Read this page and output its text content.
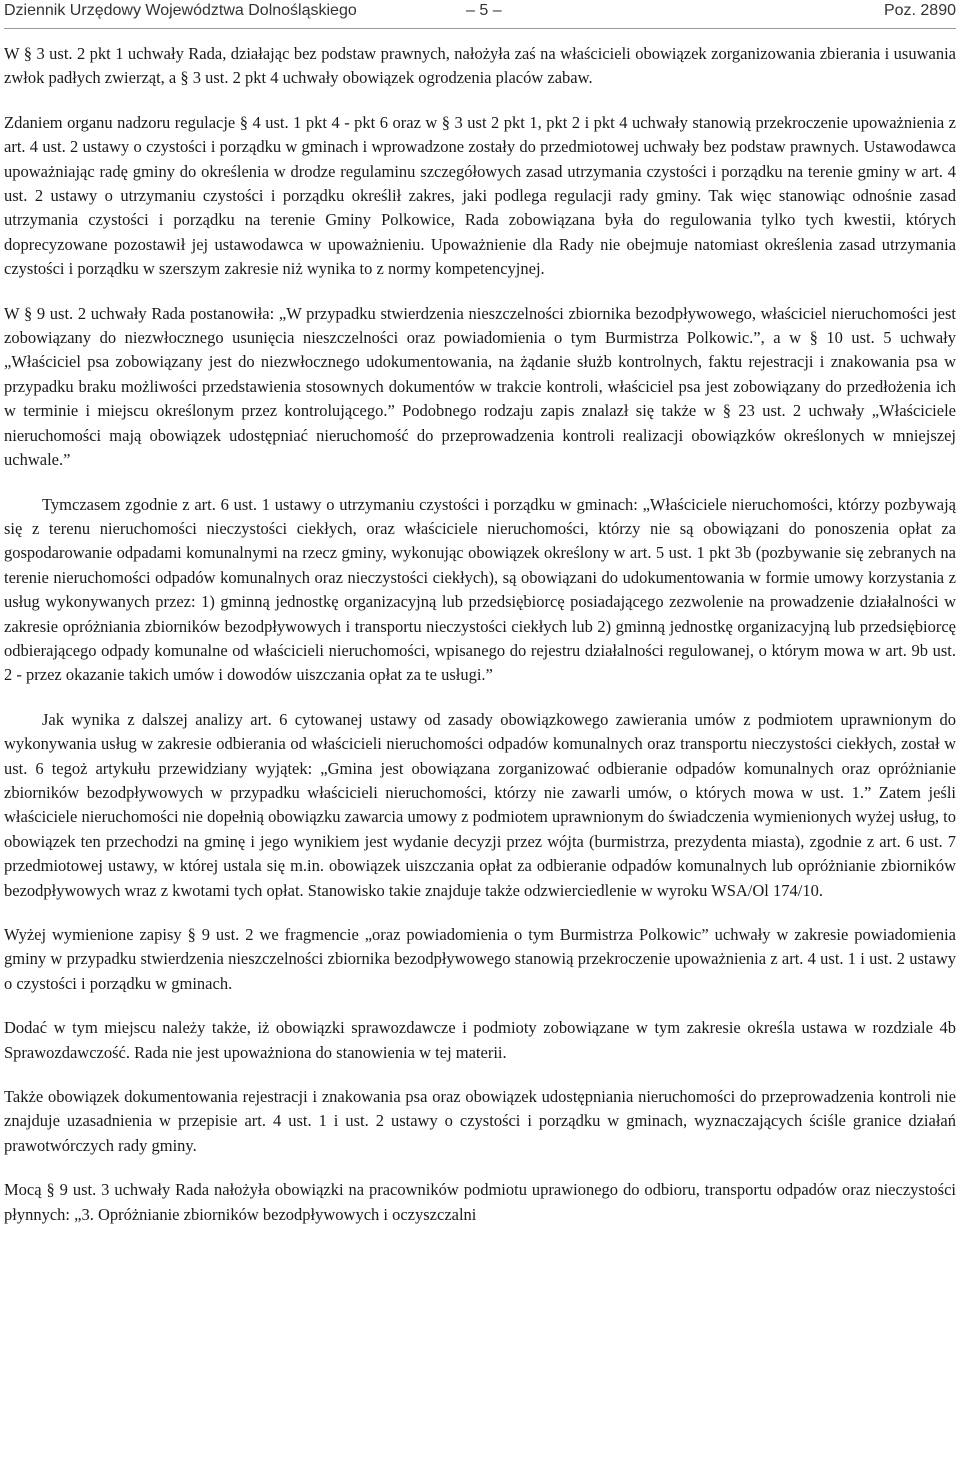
Dziennik Urzędowy Województwa Dolnośląskiego	– 5 –	Poz. 2890

W § 3 ust. 2 pkt 1 uchwały Rada, działając bez podstaw prawnych, nałożyła zaś na właścicieli obowiązek zorganizowania zbierania i usuwania zwłok padłych zwierząt, a § 3 ust. 2 pkt 4 uchwały obowiązek ogrodzenia placów zabaw.

Zdaniem organu nadzoru regulacje § 4 ust. 1 pkt 4 - pkt 6 oraz w § 3 ust 2 pkt 1, pkt 2 i pkt 4 uchwały stanowią przekroczenie upoważnienia z art. 4 ust. 2 ustawy o czystości i porządku w gminach i wprowadzone zostały do przedmiotowej uchwały bez podstaw prawnych. Ustawodawca upoważniając radę gminy do określenia w drodze regulaminu szczegółowych zasad utrzymania czystości i porządku na terenie gminy w art. 4 ust. 2 ustawy o utrzymaniu czystości i porządku określił zakres, jaki podlega regulacji rady gminy. Tak więc stanowiąc odnośnie zasad utrzymania czystości i porządku na terenie Gminy Polkowice, Rada zobowiązana była do regulowania tylko tych kwestii, których doprecyzowane pozostawił jej ustawodawca w upoważnieniu. Upoważnienie dla Rady nie obejmuje natomiast określenia zasad utrzymania czystości i porządku w szerszym zakresie niż wynika to z normy kompetencyjnej.

W § 9 ust. 2 uchwały Rada postanowiła: „W przypadku stwierdzenia nieszczelności zbiornika bezodpływowego, właściciel nieruchomości jest zobowiązany do niezwłocznego usunięcia nieszczelności oraz powiadomienia o tym Burmistrza Polkowic.”, a w § 10 ust. 5 uchwały „Właściciel psa zobowiązany jest do niezwłocznego udokumentowania, na żądanie służb kontrolnych, faktu rejestracji i znakowania psa w przypadku braku możliwości przedstawienia stosownych dokumentów w trakcie kontroli, właściciel psa jest zobowiązany do przedłożenia ich w terminie i miejscu określonym przez kontrolującego.” Podobnego rodzaju zapis znalazł się także w § 23 ust. 2 uchwały „Właściciele nieruchomości mają obowiązek udostępniać nieruchomość do przeprowadzenia kontroli realizacji obowiązków określonych w mniejszej uchwale.”

Tymczasem zgodnie z art. 6 ust. 1 ustawy o utrzymaniu czystości i porządku w gminach: „Właściciele nieruchomości, którzy pozbywają się z terenu nieruchomości nieczystości ciekłych, oraz właściciele nieruchomości, którzy nie są obowiązani do ponoszenia opłat za gospodarowanie odpadami komunalnymi na rzecz gminy, wykonując obowiązek określony w art. 5 ust. 1 pkt 3b (pozbywanie się zebranych na terenie nieruchomości odpadów komunalnych oraz nieczystości ciekłych), są obowiązani do udokumentowania w formie umowy korzystania z usług wykonywanych przez: 1) gminną jednostkę organizacyjną lub przedsiębiorcę posiadającego zezwolenie na prowadzenie działalności w zakresie opróżniania zbiorników bezodpływowych i transportu nieczystości ciekłych lub 2) gminną jednostkę organizacyjną lub przedsiębiorcę odbierającego odpady komunalne od właścicieli nieruchomości, wpisanego do rejestru działalności regulowanej, o którym mowa w art. 9b ust. 2 - przez okazanie takich umów i dowodów uiszczania opłat za te usługi.”

Jak wynika z dalszej analizy art. 6 cytowanej ustawy od zasady obowiązkowego zawierania umów z podmiotem uprawnionym do wykonywania usług w zakresie odbierania od właścicieli nieruchomości odpadów komunalnych oraz transportu nieczystości ciekłych, został w ust. 6 tegoż artykułu przewidziany wyjątek: „Gmina jest obowiązana zorganizować odbieranie odpadów komunalnych oraz opróżnianie zbiorników bezodpływowych w przypadku właścicieli nieruchomości, którzy nie zawarli umów, o których mowa w ust. 1.” Zatem jeśli właściciele nieruchomości nie dopełnią obowiązku zawarcia umowy z podmiotem uprawnionym do świadczenia wymienionych wyżej usług, to obowiązek ten przechodzi na gminę i jego wynikiem jest wydanie decyzji przez wójta (burmistrza, prezydenta miasta), zgodnie z art. 6 ust. 7 przedmiotowej ustawy, w której ustala się m.in. obowiązek uiszczania opłat za odbieranie odpadów komunalnych lub opróżnianie zbiorników bezodpływowych wraz z kwotami tych opłat. Stanowisko takie znajduje także odzwierciedlenie w wyroku WSA/Ol 174/10.

Wyżej wymienione zapisy § 9 ust. 2 we fragmencie „oraz powiadomienia o tym Burmistrza Polkowic” uchwały w zakresie powiadomienia gminy w przypadku stwierdzenia nieszczelności zbiornika bezodpływowego stanowią przekroczenie upoważnienia z art. 4 ust. 1 i ust. 2 ustawy o czystości i porządku w gminach.

Dodać w tym miejscu należy także, iż obowiązki sprawozdawcze i podmioty zobowiązane w tym zakresie określa ustawa w rozdziale 4b Sprawozdawczość. Rada nie jest upoważniona do stanowienia w tej materii.

Także obowiązek dokumentowania rejestracji i znakowania psa oraz obowiązek udostępniania nieruchomości do przeprowadzenia kontroli nie znajduje uzasadnienia w przepisie art. 4 ust. 1 i ust. 2 ustawy o czystości i porządku w gminach, wyznaczających ściśle granice działań prawotwórczych rady gminy.

Mocą § 9 ust. 3 uchwały Rada nałożyła obowiązki na pracowników podmiotu uprawionego do odbioru, transportu odpadów oraz nieczystości płynnych: „3. Opróżnianie zbiorników bezodpływowych i oczyszczalni
